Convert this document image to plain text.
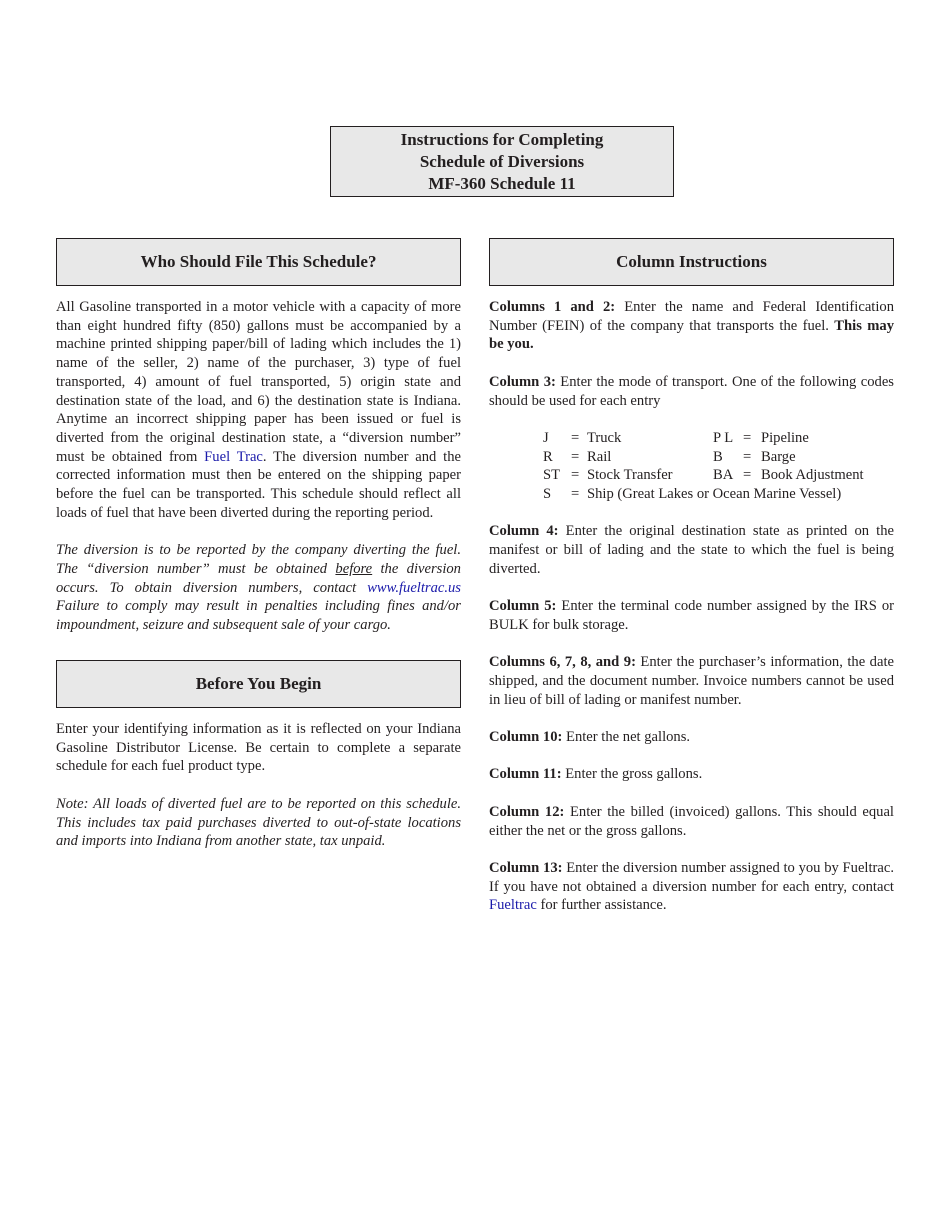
Instructions for Completing
Schedule of Diversions
MF-360 Schedule 11
Who Should File This Schedule?
Before You Begin
Column Instructions

All Gasoline transported in a motor vehicle with a capacity of more than eight hundred fifty (850) gallons must be accompanied by a machine printed shipping paper/bill of lading which includes the 1) name of the seller, 2) name of the purchaser, 3) type of fuel transported, 4) amount of fuel transported, 5) origin state and destination state of the load, and 6) the destination state is Indiana. Anytime an incorrect shipping paper has been issued or fuel is diverted from the original destination state, a “diversion number” must be obtained from Fuel Trac. The diversion number and the corrected information must then be entered on the shipping paper before the fuel can be transported. This schedule should reflect all loads of fuel that have been diverted during the reporting period.

The diversion is to be reported by the company diverting the fuel. The “diversion number” must be obtained before the diversion occurs. To obtain diversion numbers, contact www.fueltrac.us Failure to comply may result in penalties including fines and/or impoundment, seizure and subsequent sale of your cargo.

Enter your identifying information as it is reflected on your Indiana Gasoline Distributor License. Be certain to complete a separate schedule for each fuel product type.

Note: All loads of diverted fuel are to be reported on this schedule. This includes tax paid purchases diverted to out-of-state locations and imports into Indiana from another state, tax unpaid.

Columns 1 and 2: Enter the name and Federal Identification Number (FEIN) of the company that transports the fuel. This may be you.

Column 3: Enter the mode of transport. One of the following codes should be used for each entry

J	= Truck	P L = Pipeline
R	= Rail	B	= Barge
ST = Stock Transfer	BA = Book Adjustment
S	= Ship (Great Lakes or Ocean Marine Vessel)

Column 4: Enter the original destination state as printed on the manifest or bill of lading and the state to which the fuel is being diverted.

Column 5: Enter the terminal code number assigned by the IRS or BULK for bulk storage.

Columns 6, 7, 8, and 9: Enter the purchaser’s information, the date shipped, and the document number. Invoice numbers cannot be used in lieu of bill of lading or manifest number.

Column 10: Enter the net gallons.

Column 11: Enter the gross gallons.

Column 12: Enter the billed (invoiced) gallons. This should equal either the net or the gross gallons.

Column 13: Enter the diversion number assigned to you by Fueltrac. If you have not obtained a diversion number for each entry, contact Fueltrac for further assistance.
